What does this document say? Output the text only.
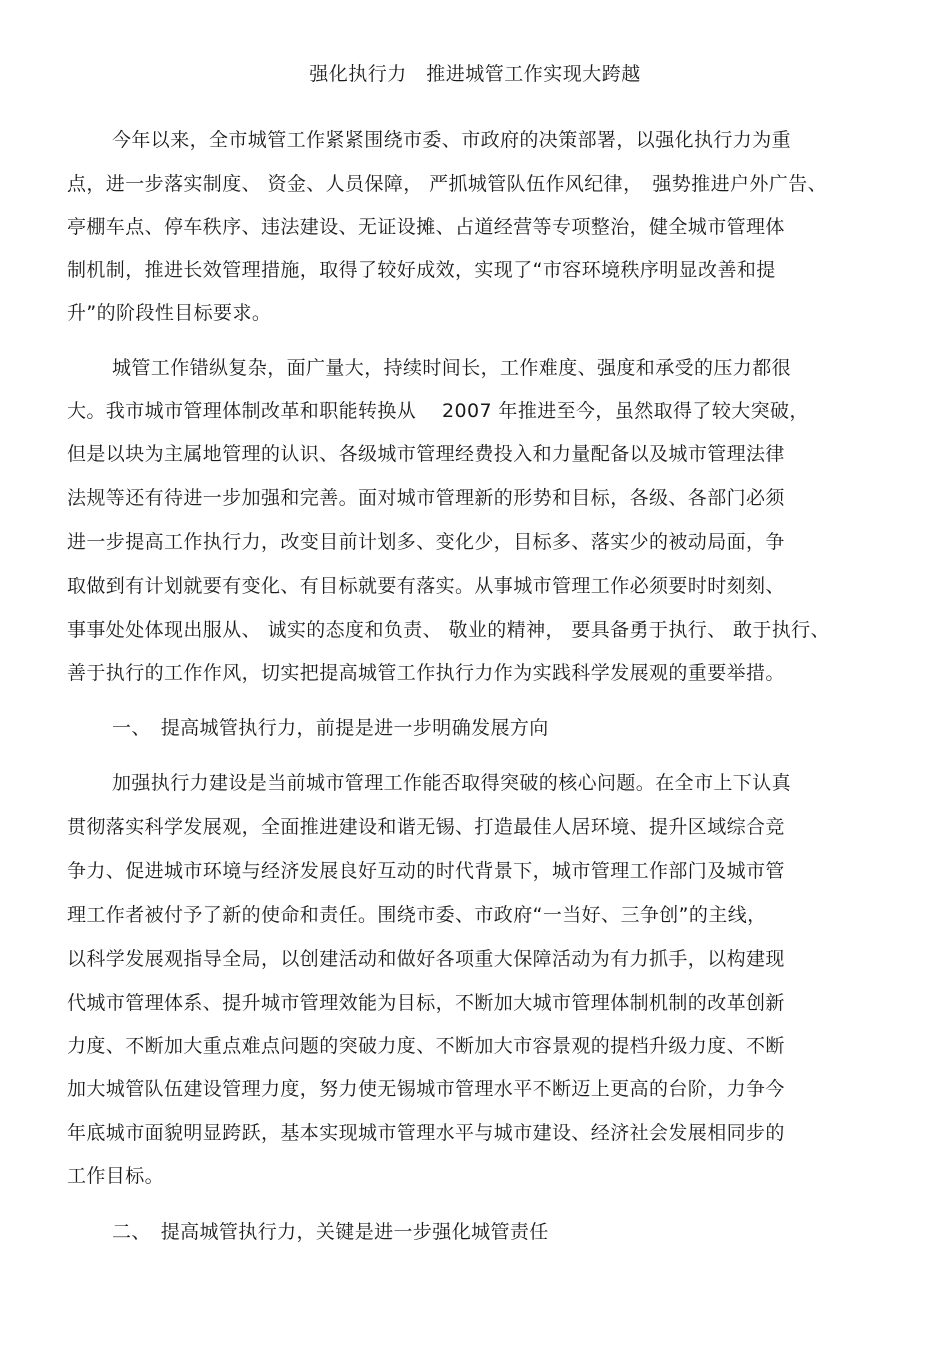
强化执行力　推进城管工作实现大跨越
今年以来，全市城管工作紧紧围绕市委、市政府的决策部署，以强化执行力为重
点，进一步落实制度、 资金、人员保障， 严抓城管队伍作风纪律，　强势推进户外广告、
亭棚车点、停车秩序、违法建设、无证设摊、占道经营等专项整治，健全城市管理体
制机制，推进长效管理措施，取得了较好成效，实现了“市容环境秩序明显改善和提
升”的阶段性目标要求。
城管工作错纵复杂，面广量大，持续时间长，工作难度、强度和承受的压力都很
大。我市城市管理体制改革和职能转换从　 2007 年推进至今，虽然取得了较大突破，
但是以块为主属地管理的认识、各级城市管理经费投入和力量配备以及城市管理法律
法规等还有待进一步加强和完善。面对城市管理新的形势和目标，各级、各部门必须
进一步提高工作执行力，改变目前计划多、变化少，目标多、落实少的被动局面，争
取做到有计划就要有变化、有目标就要有落实。从事城市管理工作必须要时时刻刻、
事事处处体现出服从、 诚实的态度和负责、 敬业的精神， 要具备勇于执行、 敢于执行、
善于执行的工作作风，切实把提高城管工作执行力作为实践科学发展观的重要举措。
一、　提高城管执行力，前提是进一步明确发展方向
加强执行力建设是当前城市管理工作能否取得突破的核心问题。在全市上下认真
贯彻落实科学发展观，全面推进建设和谐无锡、打造最佳人居环境、提升区域综合竞
争力、促进城市环境与经济发展良好互动的时代背景下，城市管理工作部门及城市管
理工作者被付予了新的使命和责任。围绕市委、市政府“一当好、三争创”的主线，
以科学发展观指导全局，以创建活动和做好各项重大保障活动为有力抓手，以构建现
代城市管理体系、提升城市管理效能为目标，不断加大城市管理体制机制的改革创新
力度、不断加大重点难点问题的突破力度、不断加大市容景观的提档升级力度、不断
加大城管队伍建设管理力度，努力使无锡城市管理水平不断迈上更高的台阶，力争今
年底城市面貌明显跨跃，基本实现城市管理水平与城市建设、经济社会发展相同步的
工作目标。
二、　提高城管执行力，关键是进一步强化城管责任
